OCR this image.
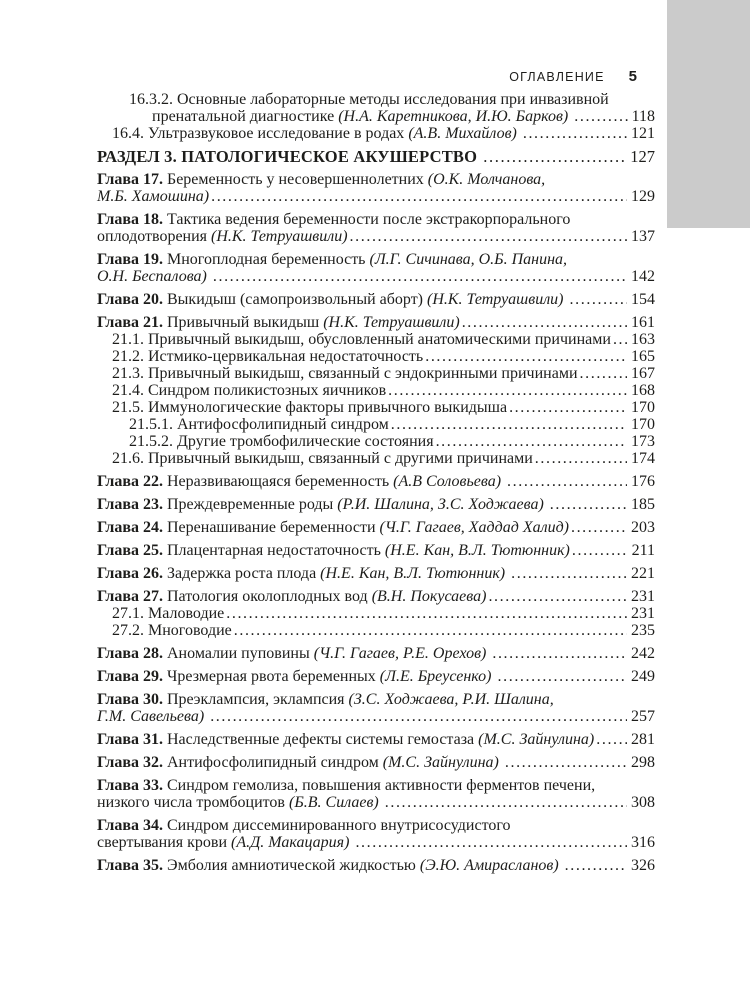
ОГЛАВЛЕНИЕ 5
16.3.2. Основные лабораторные методы исследования при инвазивной
пренатальной диагностике (Н.А. Каретникова, И.Ю. Барков) .....	118
16.4. Ультразвуковое исследование в родах (А.В. Михайлов) .....	121
РАЗДЕЛ 3. ПАТОЛОГИЧЕСКОЕ АКУШЕРСТВО .....	127
Глава 17. Беременность у несовершеннолетних (О.К. Молчанова,
М.Б. Хамошина) .....	129
Глава 18. Тактика ведения беременности после экстракорпорального
оплодотворения (Н.К. Тетруашвили) .....	137
Глава 19. Многоплодная беременность (Л.Г. Сичинава, О.Б. Панина,
О.Н. Беспалова) .....	142
Глава 20. Выкидыш (самопроизвольный аборт) (Н.К. Тетруашвили) .....	154
Глава 21. Привычный выкидыш (Н.К. Тетруашвили) .....	161
21.1. Привычный выкидыш, обусловленный анатомическими причинами ..... 163
21.2. Истмико-цервикальная недостаточность .....	165
21.3. Привычный выкидыш, связанный с эндокринными причинами .....	167
21.4. Синдром поликистозных яичников .....	168
21.5. Иммунологические факторы привычного выкидыша .....	170
21.5.1. Антифосфолипидный синдром .....	170
21.5.2. Другие тромбофилические состояния .....	173
21.6. Привычный выкидыш, связанный с другими причинами .....	174
Глава 22. Неразвивающаяся беременность (А.В Соловьева) .....	176
Глава 23. Преждевременные роды (Р.И. Шалина, З.С. Ходжаева) .....	185
Глава 24. Перенашивание беременности (Ч.Г. Гагаев, Хаддад Халид) .....	203
Глава 25. Плацентарная недостаточность (Н.Е. Кан, В.Л. Тютюнник) .....	211
Глава 26. Задержка роста плода (Н.Е. Кан, В.Л. Тютюнник) .....	221
Глава 27. Патология околоплодных вод (В.Н. Покусаева) .....	231
27.1. Маловодие .....	231
27.2. Многоводие .....	235
Глава 28. Аномалии пуповины (Ч.Г. Гагаев, Р.Е. Орехов) .....	242
Глава 29. Чрезмерная рвота беременных (Л.Е. Бреусенко) .....	249
Глава 30. Преэклампсия, эклампсия (З.С. Ходжаева, Р.И. Шалина,
Г.М. Савельева) .....	257
Глава 31. Наследственные дефекты системы гемостаза (М.С. Зайнулина) ..... 281
Глава 32. Антифосфолипидный синдром (М.С. Зайнулина) .....	298
Глава 33. Синдром гемолиза, повышения активности ферментов печени,
низкого числа тромбоцитов (Б.В. Силаев) .....	308
Глава 34. Синдром диссеминированного внутрисосудистого
свертывания крови (А.Д. Макацария) .....	316
Глава 35. Эмболия амниотической жидкостью (Э.Ю. Амирасланов) .....	326
